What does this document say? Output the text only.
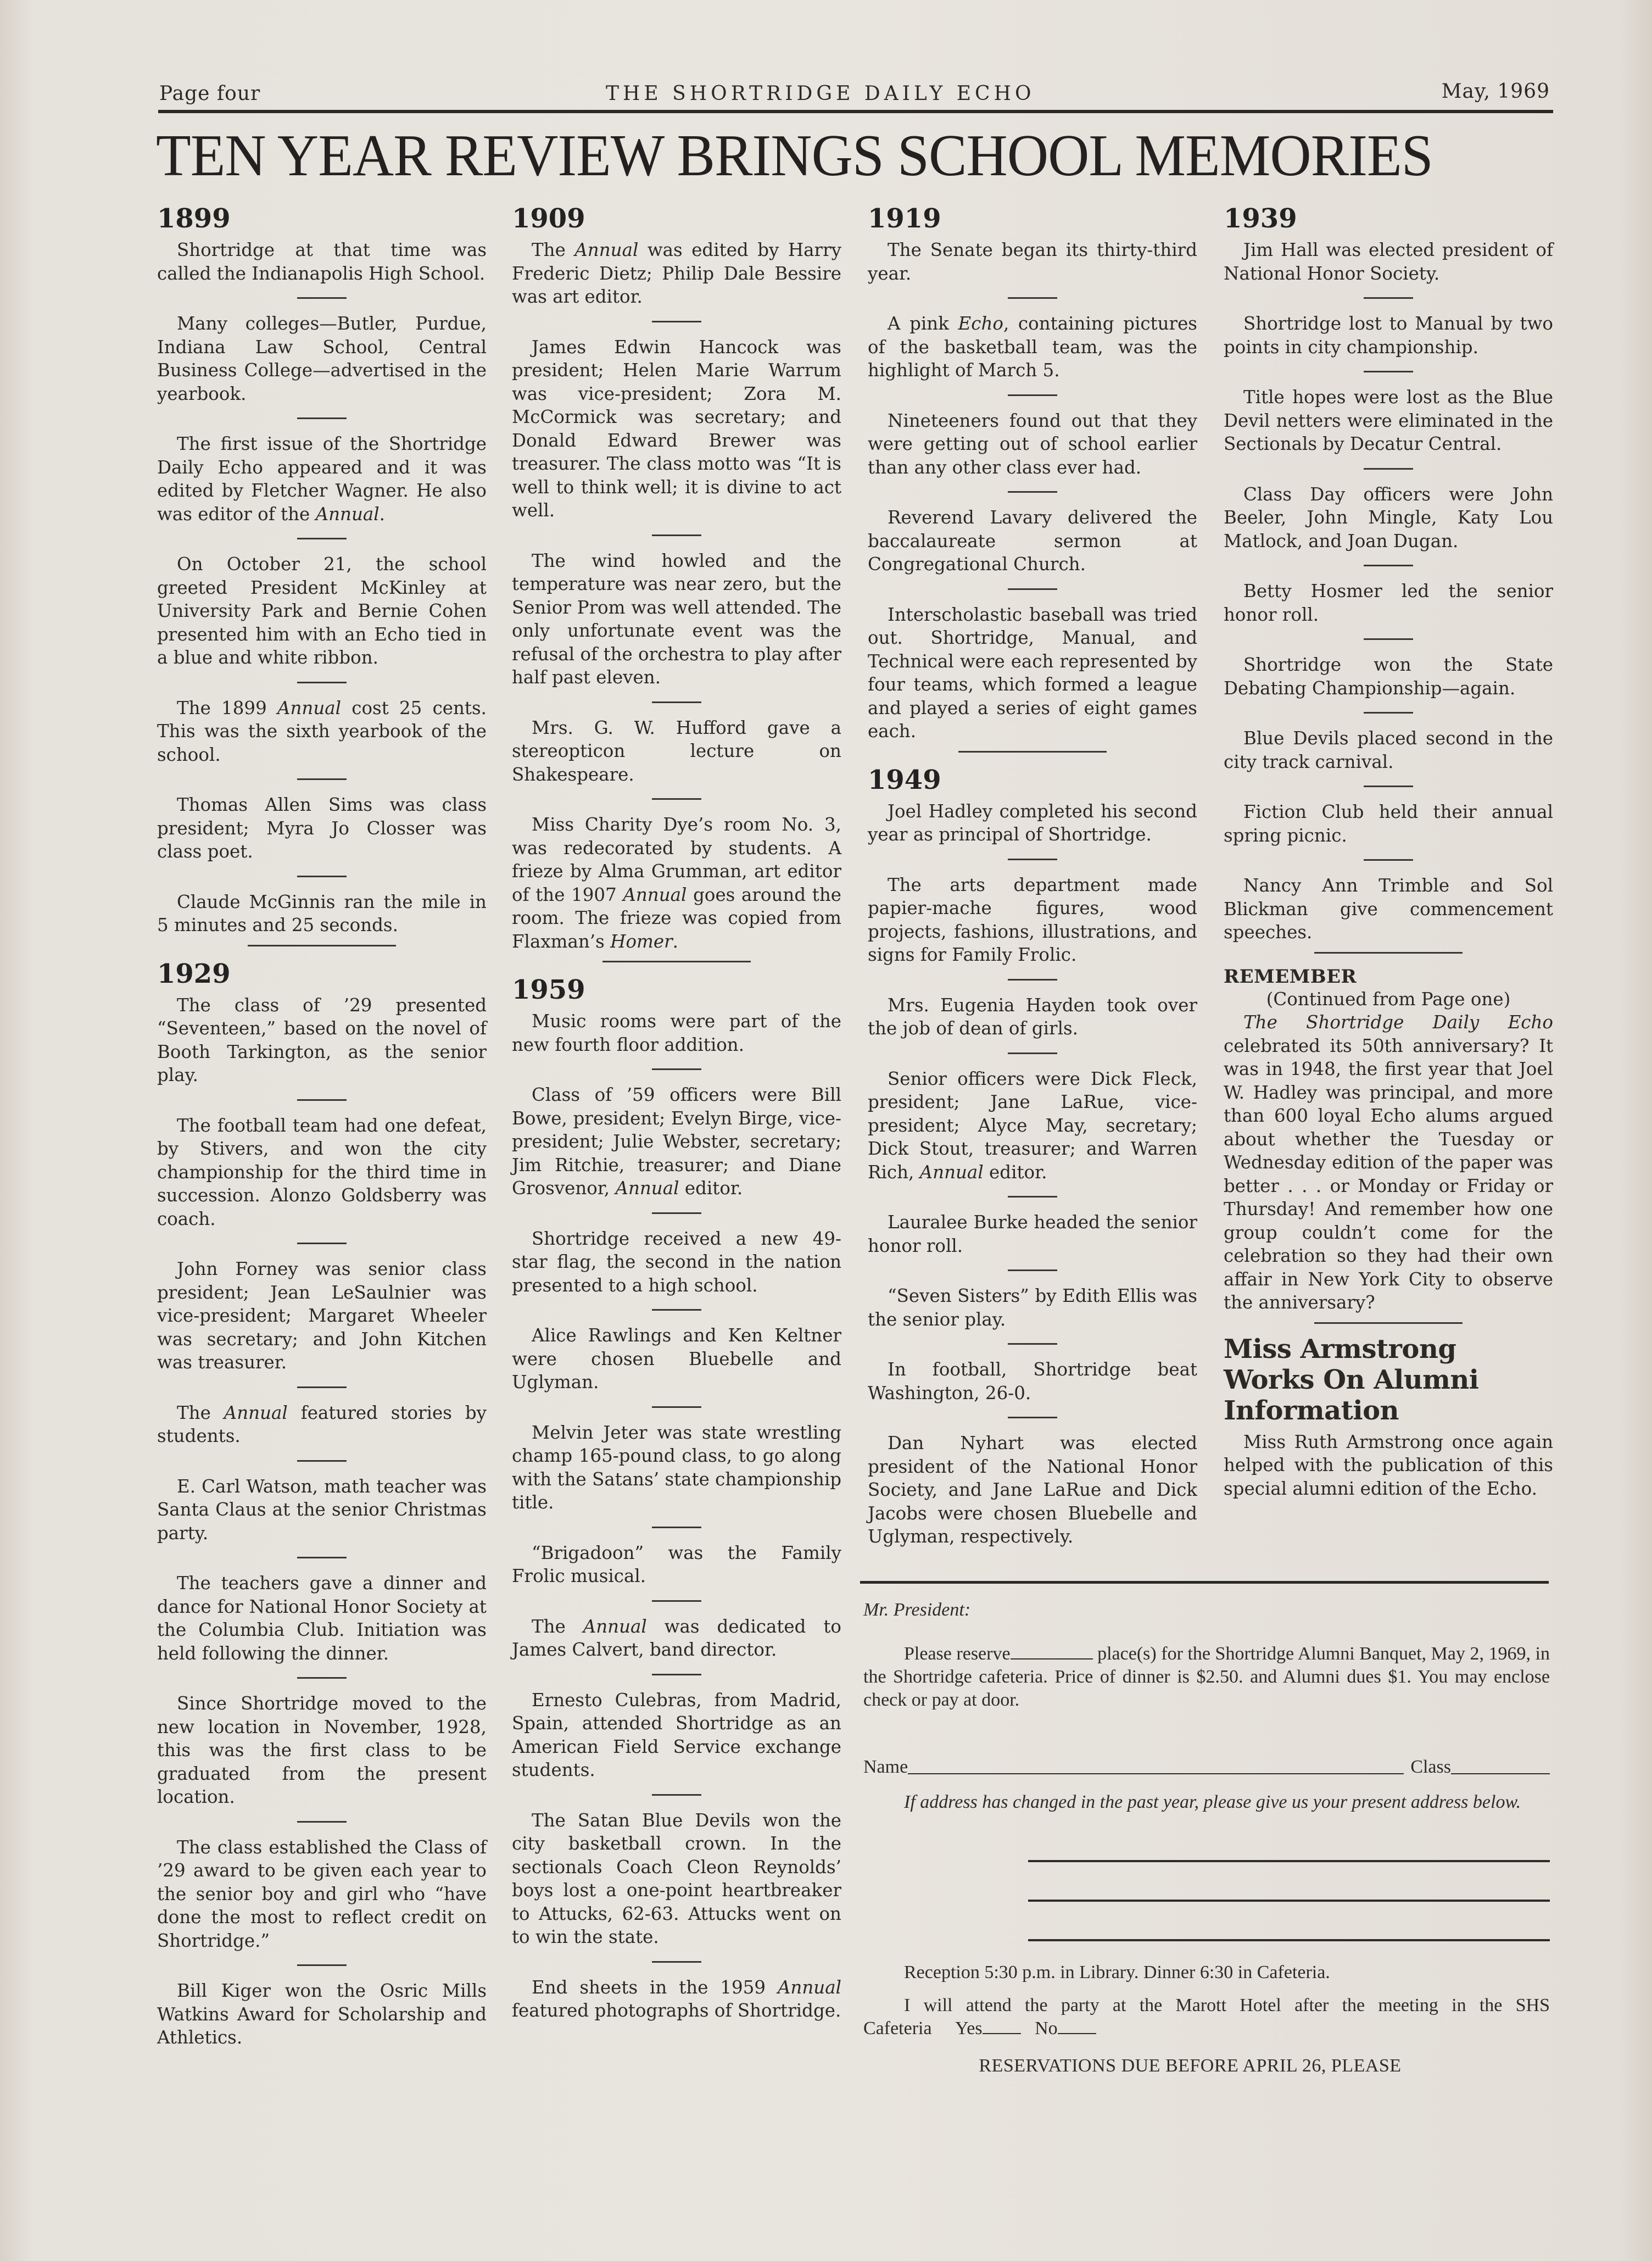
Page four	THE SHORTRIDGE DAILY ECHO	May, 1969
TEN YEAR REVIEW BRINGS SCHOOL MEMORIES
1899

Shortridge at that time was called the Indianapolis High School.

Many colleges—Butler, Purdue, Indiana Law School, Central Business College—advertised in the yearbook.

The first issue of the Shortridge Daily Echo appeared and it was edited by Fletcher Wagner. He also was editor of the Annual.

On October 21, the school greeted President McKinley at University Park and Bernie Cohen presented him with an Echo tied in a blue and white ribbon.

The 1899 Annual cost 25 cents. This was the sixth yearbook of the school.

Thomas Allen Sims was class president; Myra Jo Closser was class poet.

Claude McGinnis ran the mile in 5 minutes and 25 seconds.

1929

The class of ’29 presented “Seventeen,” based on the novel of Booth Tarkington, as the senior play.

The football team had one defeat, by Stivers, and won the city championship for the third time in succession. Alonzo Goldsberry was coach.

John Forney was senior class president; Jean LeSaulnier was vice-president; Margaret Wheeler was secretary; and John Kitchen was treasurer.

The Annual featured stories by students.

E. Carl Watson, math teacher was Santa Claus at the senior Christmas party.

The teachers gave a dinner and dance for National Honor Society at the Columbia Club. Initiation was held following the dinner.

Since Shortridge moved to the new location in November, 1928, this was the first class to be graduated from the present location.

The class established the Class of ’29 award to be given each year to the senior boy and girl who “have done the most to reflect credit on Shortridge.”

Bill Kiger won the Osric Mills Watkins Award for Scholarship and Athletics.

1909

The Annual was edited by Harry Frederic Dietz; Philip Dale Bessire was art editor.

James Edwin Hancock was president; Helen Marie Warrum was vice-president; Zora M. McCormick was secretary; and Donald Edward Brewer was treasurer. The class motto was “It is well to think well; it is divine to act well.

The wind howled and the temperature was near zero, but the Senior Prom was well attended. The only unfortunate event was the refusal of the orchestra to play after half past eleven.

Mrs. G. W. Hufford gave a stereopticon lecture on Shakespeare.

Miss Charity Dye’s room No. 3, was redecorated by students. A frieze by Alma Grumman, art editor of the 1907 Annual goes around the room. The frieze was copied from Flaxman’s Homer.

1959

Music rooms were part of the new fourth floor addition.

Class of ’59 officers were Bill Bowe, president; Evelyn Birge, vice-president; Julie Webster, secretary; Jim Ritchie, treasurer; and Diane Grosvenor, Annual editor.

Shortridge received a new 49-star flag, the second in the nation presented to a high school.

Alice Rawlings and Ken Keltner were chosen Bluebelle and Uglyman.

Melvin Jeter was state wrestling champ 165-pound class, to go along with the Satans’ state championship title.

“Brigadoon” was the Family Frolic musical.

The Annual was dedicated to James Calvert, band director.

Ernesto Culebras, from Madrid, Spain, attended Shortridge as an American Field Service exchange students.

The Satan Blue Devils won the city basketball crown. In the sectionals Coach Cleon Reynolds’ boys lost a one-point heartbreaker to Attucks, 62-63. Attucks went on to win the state.

End sheets in the 1959 Annual featured photographs of Shortridge.

1919

The Senate began its thirty-third year.

A pink Echo, containing pictures of the basketball team, was the highlight of March 5.

Nineteeners found out that they were getting out of school earlier than any other class ever had.

Reverend Lavary delivered the baccalaureate sermon at Congregational Church.

Interscholastic baseball was tried out. Shortridge, Manual, and Technical were each represented by four teams, which formed a league and played a series of eight games each.

1949

Joel Hadley completed his second year as principal of Shortridge.

The arts department made papier-mache figures, wood projects, fashions, illustrations, and signs for Family Frolic.

Mrs. Eugenia Hayden took over the job of dean of girls.

Senior officers were Dick Fleck, president; Jane LaRue, vice-president; Alyce May, secretary; Dick Stout, treasurer; and Warren Rich, Annual editor.

Lauralee Burke headed the senior honor roll.

“Seven Sisters” by Edith Ellis was the senior play.

In football, Shortridge beat Washington, 26-0.

Dan Nyhart was elected president of the National Honor Society, and Jane LaRue and Dick Jacobs were chosen Bluebelle and Uglyman, respectively.

1939

Jim Hall was elected president of National Honor Society.

Shortridge lost to Manual by two points in city championship.

Title hopes were lost as the Blue Devil netters were eliminated in the Sectionals by Decatur Central.

Class Day officers were John Beeler, John Mingle, Katy Lou Matlock, and Joan Dugan.

Betty Hosmer led the senior honor roll.

Shortridge won the State Debating Championship—again.

Blue Devils placed second in the city track carnival.

Fiction Club held their annual spring picnic.

Nancy Ann Trimble and Sol Blickman give commencement speeches.

REMEMBER

(Continued from Page one)

The Shortridge Daily Echo celebrated its 50th anniversary? It was in 1948, the first year that Joel W. Hadley was principal, and more than 600 loyal Echo alums argued about whether the Tuesday or Wednesday edition of the paper was better . . . or Monday or Friday or Thursday! And remember how one group couldn’t come for the celebration so they had their own affair in New York City to observe the anniversary?

Miss Armstrong Works On Alumni Information

Miss Ruth Armstrong once again helped with the publication of this special alumni edition of the Echo.

Mr. President:

Please reserve	place(s) for the Shortridge Alumni Banquet, May 2, 1969, in the Shortridge cafeteria. Price of dinner is $2.50. and Alumni dues $1. You may enclose check or pay at door.

Name	Class

If address has changed in the past year, please give us your present address below.

Reception 5:30 p.m. in Library. Dinner 6:30 in Cafeteria.

I will attend the party at the Marott Hotel after the meeting in the SHS Cafeteria Yes	No

RESERVATIONS DUE BEFORE APRIL 26, PLEASE
